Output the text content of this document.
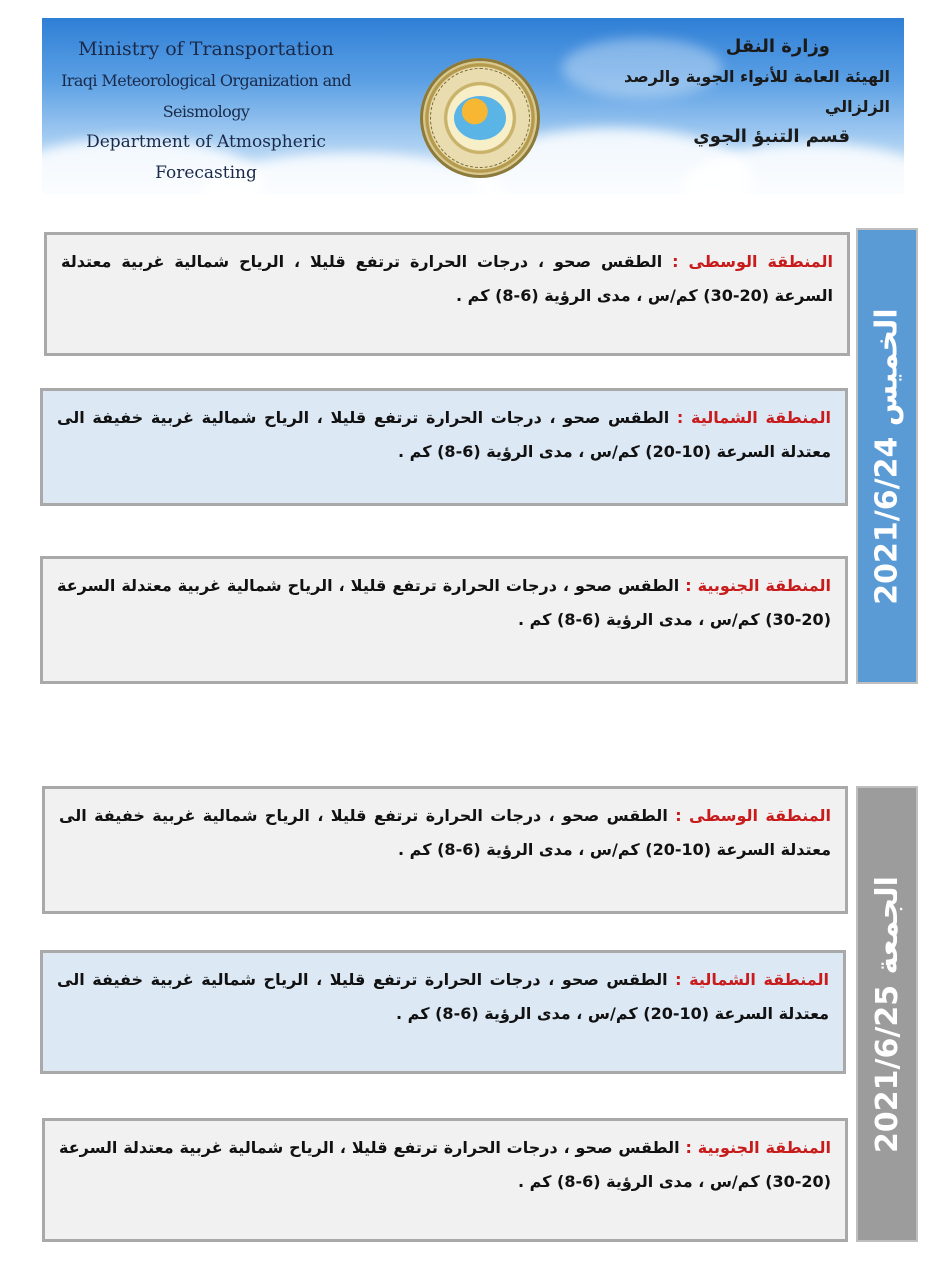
Ministry of Transportation
Iraqi Meteorological Organization and Seismology
Department of Atmospheric Forecasting
وزارة النقل
الهيئة العامة للأنواء الجوية والرصد الزلزالي
قسم التنبؤ الجوي
المنطقة الوسطى : الطقس صحو ، درجات الحرارة ترتفع قليلا ، الرياح شمالية غربية معتدلة السرعة (20-30) كم/س ، مدى الرؤية (6-8) كم .
المنطقة الشمالية : الطقس صحو ، درجات الحرارة ترتفع قليلا ، الرياح شمالية غربية خفيفة الى معتدلة السرعة (10-20) كم/س ، مدى الرؤية (6-8) كم .
المنطقة الجنوبية : الطقس صحو ، درجات الحرارة ترتفع قليلا ، الرياح شمالية غربية معتدلة السرعة (20-30) كم/س ، مدى الرؤية (6-8) كم .
الخميس 2021/6/24
المنطقة الوسطى : الطقس صحو ، درجات الحرارة ترتفع قليلا ، الرياح شمالية غربية خفيفة الى معتدلة السرعة (10-20) كم/س ، مدى الرؤية (6-8) كم .
المنطقة الشمالية : الطقس صحو ، درجات الحرارة ترتفع قليلا ، الرياح شمالية غربية خفيفة الى معتدلة السرعة (10-20) كم/س ، مدى الرؤية (6-8) كم .
المنطقة الجنوبية : الطقس صحو ، درجات الحرارة ترتفع قليلا ، الرياح شمالية غربية معتدلة السرعة (20-30) كم/س ، مدى الرؤية (6-8) كم .
الجمعة 2021/6/25
